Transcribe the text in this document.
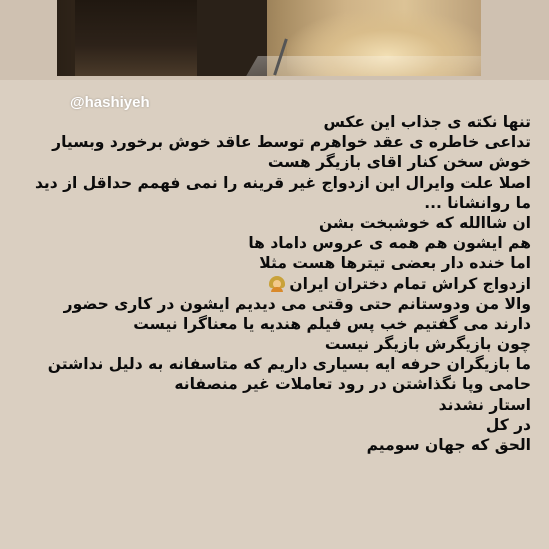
@hashiyeh
تنها نکته ی جذاب این عکس
تداعی خاطره ی عقد خواهرم توسط عاقد خوش برخورد وبسیار
خوش سخن کنار اقای بازیگر هست
اصلا علت وایرال این ازدواج غیر قرینه را نمی فهمم حداقل از دید
ما روانشانا ...
ان شاالله که خوشبخت بشن
هم ایشون هم همه ی عروس داماد ها
اما خنده دار بعضی تیترها هست مثلا
ازدواج کراش تمام دختران ایران
والا من ودوستانم حتی وقتی می دیدیم ایشون در کاری حضور
دارند می گفتیم خب پس فیلم هندیه یا معناگرا نیست
چون بازیگرش بازیگر نیست
ما بازیگران حرفه ایه بسیاری داریم که متاسفانه به دلیل نداشتن
حامی وپا نگذاشتن در رود تعاملات غیر منصفانه
استار نشدند
در کل
الحق که جهان سومیم
